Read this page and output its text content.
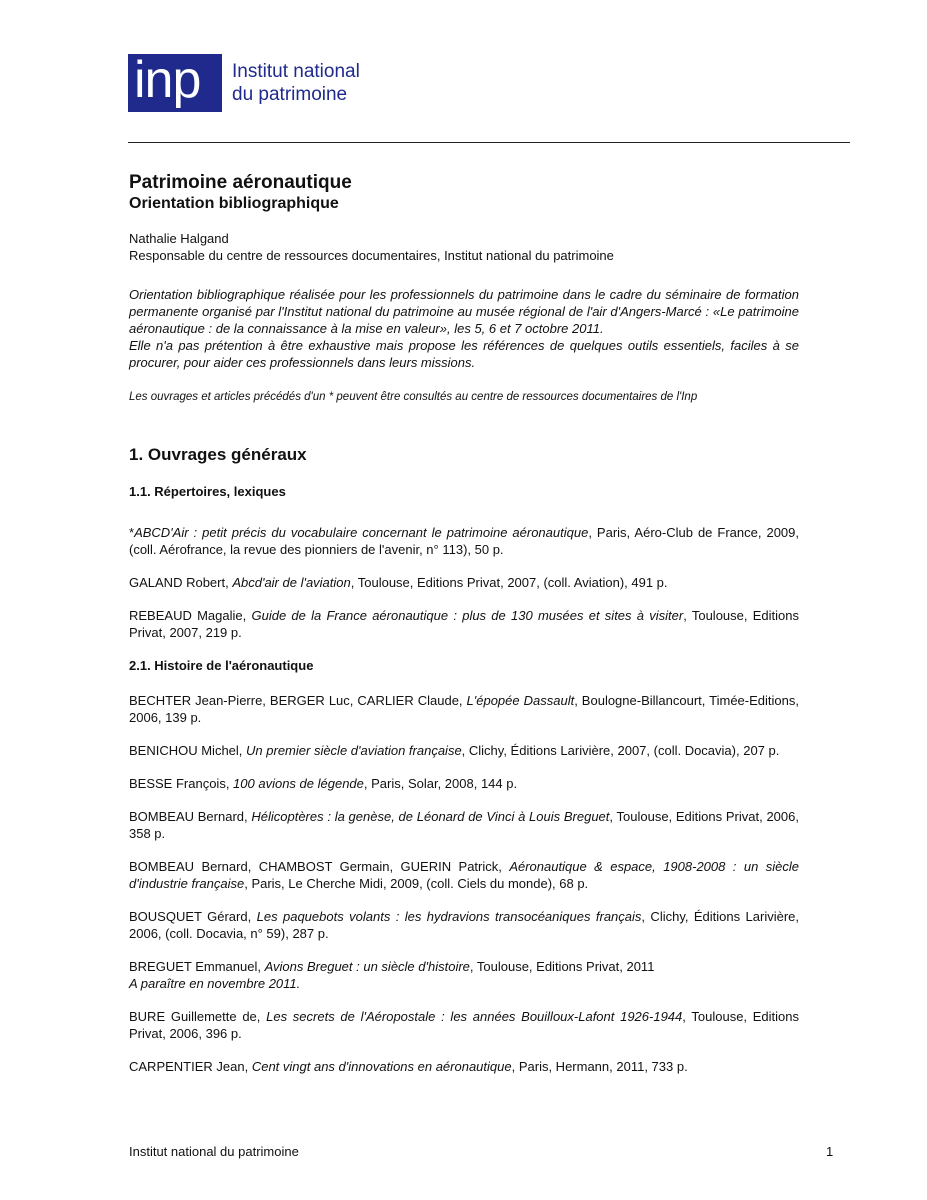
inp	Institut national
du patrimoine

Patrimoine aéronautique

Orientation bibliographique

Nathalie Halgand

Responsable du centre de ressources documentaires, Institut national du patrimoine

Orientation bibliographique réalisée pour les professionnels du patrimoine dans le cadre du séminaire de formation permanente organisé par l'Institut national du patrimoine au musée régional de l'air d'Angers-Marcé : «Le patrimoine aéronautique : de la connaissance à la mise en valeur», les 5, 6 et 7 octobre 2011.

Elle n'a pas prétention à être exhaustive mais propose les références de quelques outils essentiels, faciles à se procurer, pour aider ces professionnels dans leurs missions.

Les ouvrages et articles précédés d'un * peuvent être consultés au centre de ressources documentaires de l'Inp

1. Ouvrages généraux

1.1. Répertoires, lexiques

*ABCD'Air : petit précis du vocabulaire concernant le patrimoine aéronautique, Paris, Aéro-Club de France, 2009, (coll. Aérofrance, la revue des pionniers de l'avenir, n° 113), 50 p.

GALAND Robert, Abcd'air de l'aviation, Toulouse, Editions Privat, 2007, (coll. Aviation), 491 p.

REBEAUD Magalie, Guide de la France aéronautique : plus de 130 musées et sites à visiter, Toulouse, Editions Privat, 2007, 219 p.

2.1. Histoire de l'aéronautique

BECHTER Jean-Pierre, BERGER Luc, CARLIER Claude, L'épopée Dassault, Boulogne-Billancourt, Timée-Editions, 2006, 139 p.

BENICHOU Michel, Un premier siècle d'aviation française, Clichy, Éditions Larivière, 2007, (coll. Docavia), 207 p.

BESSE François, 100 avions de légende, Paris, Solar, 2008, 144 p.

BOMBEAU Bernard, Hélicoptères : la genèse, de Léonard de Vinci à Louis Breguet, Toulouse, Editions Privat, 2006, 358 p.

BOMBEAU Bernard, CHAMBOST Germain, GUERIN Patrick, Aéronautique & espace, 1908-2008 : un siècle d'industrie française, Paris, Le Cherche Midi, 2009, (coll. Ciels du monde), 68 p.

BOUSQUET Gérard, Les paquebots volants : les hydravions transocéaniques français, Clichy, Éditions Larivière, 2006, (coll. Docavia, n° 59), 287 p.

BREGUET Emmanuel, Avions Breguet : un siècle d'histoire, Toulouse, Editions Privat, 2011
A paraître en novembre 2011.

BURE Guillemette de, Les secrets de l'Aéropostale : les années Bouilloux-Lafont 1926-1944, Toulouse, Editions Privat, 2006, 396 p.

CARPENTIER Jean, Cent vingt ans d'innovations en aéronautique, Paris, Hermann, 2011, 733 p.

Institut national du patrimoine	1
